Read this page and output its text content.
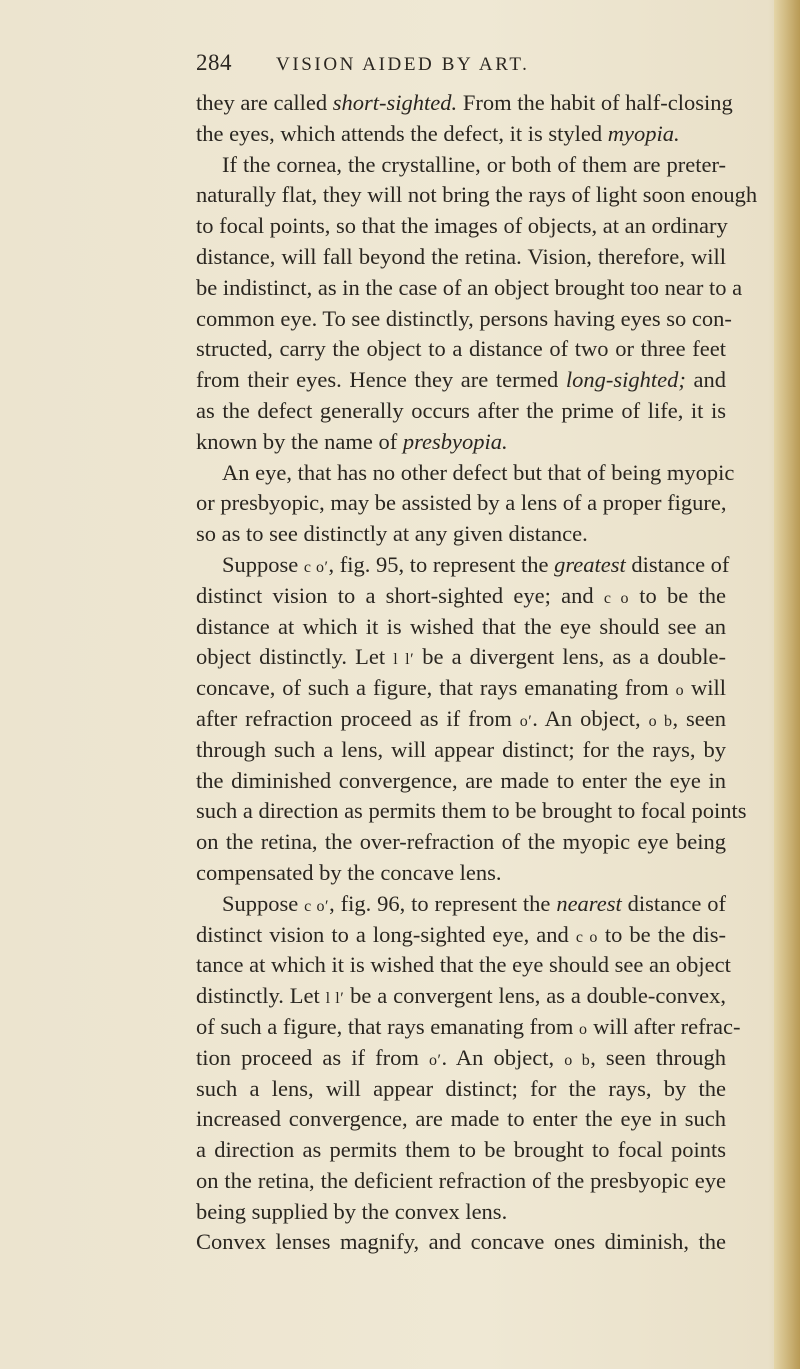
284 VISION AIDED BY ART.
they are called short-sighted. From the habit of half-closing
the eyes, which attends the defect, it is styled myopia.
If the cornea, the crystalline, or both of them are preter-
naturally flat, they will not bring the rays of light soon enough
to focal points, so that the images of objects, at an ordinary
distance, will fall beyond the retina. Vision, therefore, will
be indistinct, as in the case of an object brought too near to a
common eye. To see distinctly, persons having eyes so con-
structed, carry the object to a distance of two or three feet
from their eyes. Hence they are termed long-sighted; and
as the defect generally occurs after the prime of life, it is
known by the name of presbyopia.
An eye, that has no other defect but that of being myopic
or presbyopic, may be assisted by a lens of a proper figure,
so as to see distinctly at any given distance.
Suppose c o′, fig. 95, to represent the greatest distance of
distinct vision to a short-sighted eye; and c o to be the
distance at which it is wished that the eye should see an
object distinctly. Let l l′ be a divergent lens, as a double-
concave, of such a figure, that rays emanating from o will
after refraction proceed as if from o′. An object, o b, seen
through such a lens, will appear distinct; for the rays, by
the diminished convergence, are made to enter the eye in
such a direction as permits them to be brought to focal points
on the retina, the over-refraction of the myopic eye being
compensated by the concave lens.
Suppose c o′, fig. 96, to represent the nearest distance of
distinct vision to a long-sighted eye, and c o to be the dis-
tance at which it is wished that the eye should see an object
distinctly. Let l l′ be a convergent lens, as a double-convex,
of such a figure, that rays emanating from o will after refrac-
tion proceed as if from o′. An object, o b, seen through
such a lens, will appear distinct; for the rays, by the
increased convergence, are made to enter the eye in such
a direction as permits them to be brought to focal points
on the retina, the deficient refraction of the presbyopic eye
being supplied by the convex lens.
Convex lenses magnify, and concave ones diminish, the
